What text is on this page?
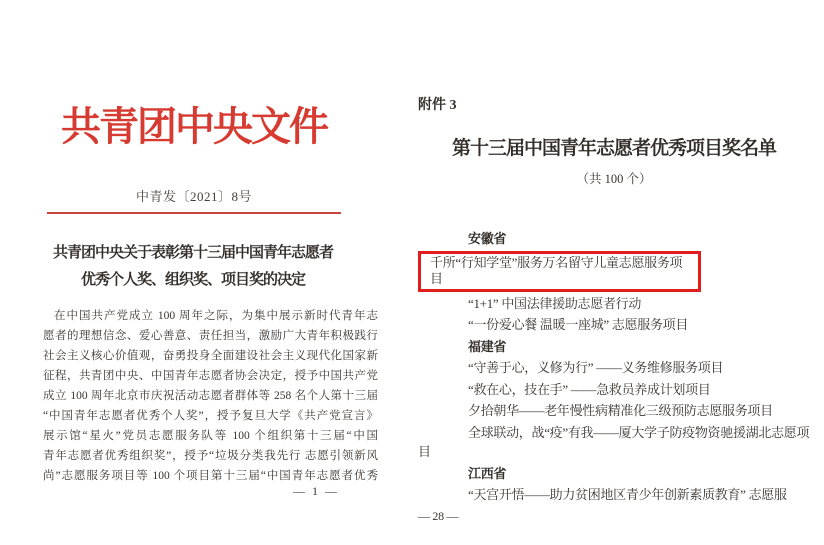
共青团中央文件
中青发〔2021〕8号
共青团中央关于表彰第十三届中国青年志愿者
优秀个人奖、组织奖、项目奖的决定
在中国共产党成立 100 周年之际，为集中展示新时代青年志
愿者的理想信念、爱心善意、责任担当，激励广大青年积极践行
社会主义核心价值观，奋勇投身全面建设社会主义现代化国家新
征程，共青团中央、中国青年志愿者协会决定，授予中国共产党
成立 100 周年北京市庆祝活动志愿者群体等 258 名个人第十三届
“中国青年志愿者优秀个人奖”，授予复旦大学《共产党宣言》
展示馆“星火”党员志愿服务队等 100 个组织第十三届“中国
青年志愿者优秀组织奖”，授予“垃圾分类我先行 志愿引领新风
尚”志愿服务项目等 100 个项目第十三届“中国青年志愿者优秀
— 1 —
附件 3
第十三届中国青年志愿者优秀项目奖名单
（共 100 个）

安徽省

千所“行知学堂”服务万名留守儿童志愿服务项目

“1+1” 中国法律援助志愿者行动

“一份爱心餐 温暖一座城” 志愿服务项目

福建省

“守善于心，义修为行” ——义务维修服务项目

“救在心，技在手” ——急救员养成计划项目

夕拾朝华——老年慢性病精准化三级预防志愿服务项目

全球联动，战“疫”有我——厦大学子防疫物资驰援湖北志愿项目

江西省

“天宫开悟——助力贫困地区青少年创新素质教育” 志愿服

— 28 —
